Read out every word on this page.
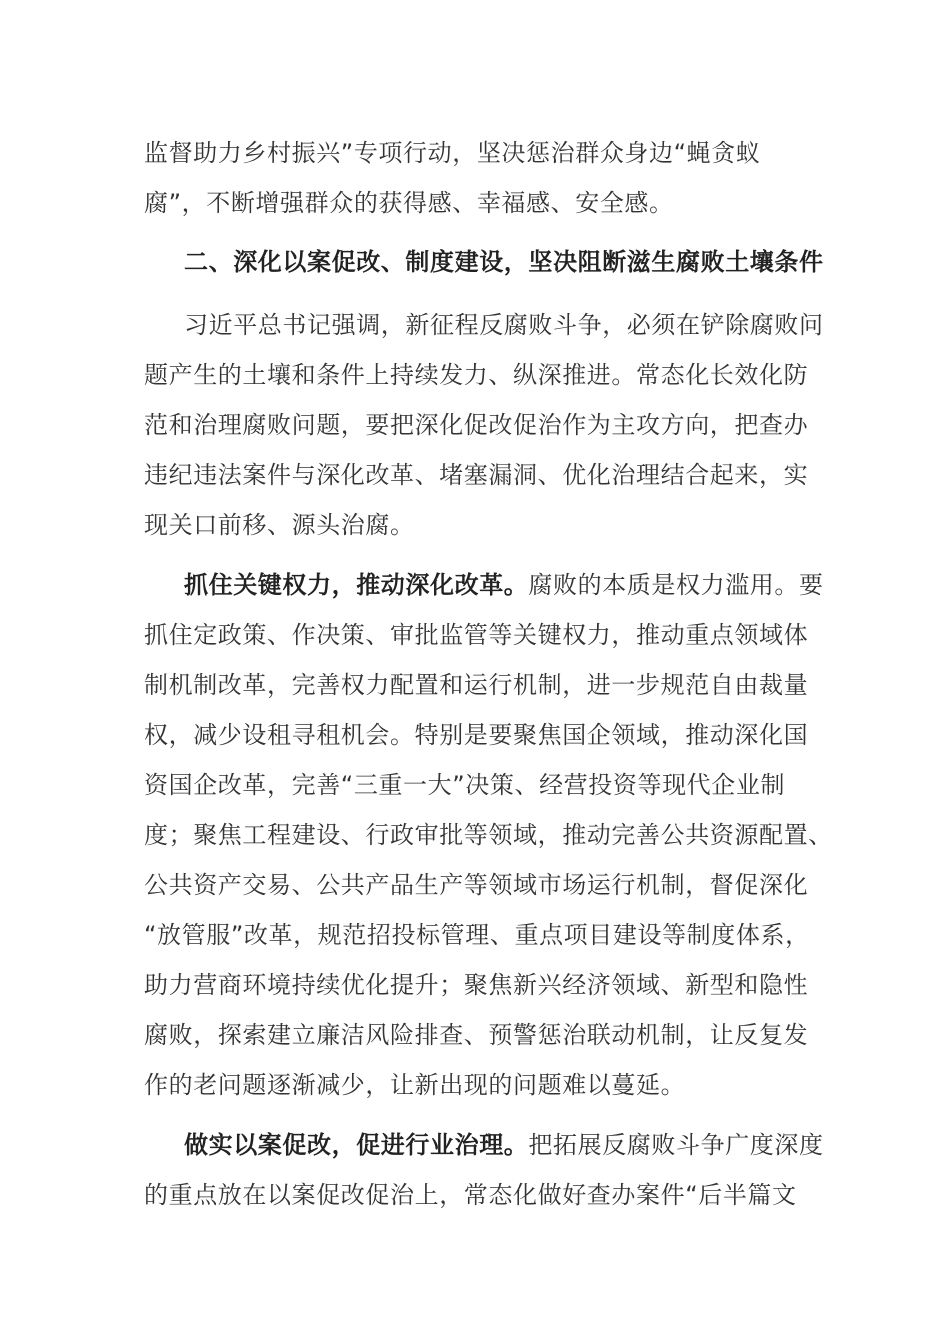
监督助力乡村振兴”专项行动，坚决惩治群众身边“蝇贪蚁
腐”，不断增强群众的获得感、幸福感、安全感。
二、深化以案促改、制度建设，坚决阻断滋生腐败土壤条件
习近平总书记强调，新征程反腐败斗争，必须在铲除腐败问
题产生的土壤和条件上持续发力、纵深推进。常态化长效化防
范和治理腐败问题，要把深化促改促治作为主攻方向，把查办
违纪违法案件与深化改革、堵塞漏洞、优化治理结合起来，实
现关口前移、源头治腐。
抓住关键权力，推动深化改革。腐败的本质是权力滥用。要
抓住定政策、作决策、审批监管等关键权力，推动重点领域体
制机制改革，完善权力配置和运行机制，进一步规范自由裁量
权，减少设租寻租机会。特别是要聚焦国企领域，推动深化国
资国企改革，完善“三重一大”决策、经营投资等现代企业制
度；聚焦工程建设、行政审批等领域，推动完善公共资源配置、
公共资产交易、公共产品生产等领域市场运行机制，督促深化
“放管服”改革，规范招投标管理、重点项目建设等制度体系，
助力营商环境持续优化提升；聚焦新兴经济领域、新型和隐性
腐败，探索建立廉洁风险排查、预警惩治联动机制，让反复发
作的老问题逐渐减少，让新出现的问题难以蔓延。
做实以案促改，促进行业治理。把拓展反腐败斗争广度深度
的重点放在以案促改促治上，常态化做好查办案件“后半篇文
